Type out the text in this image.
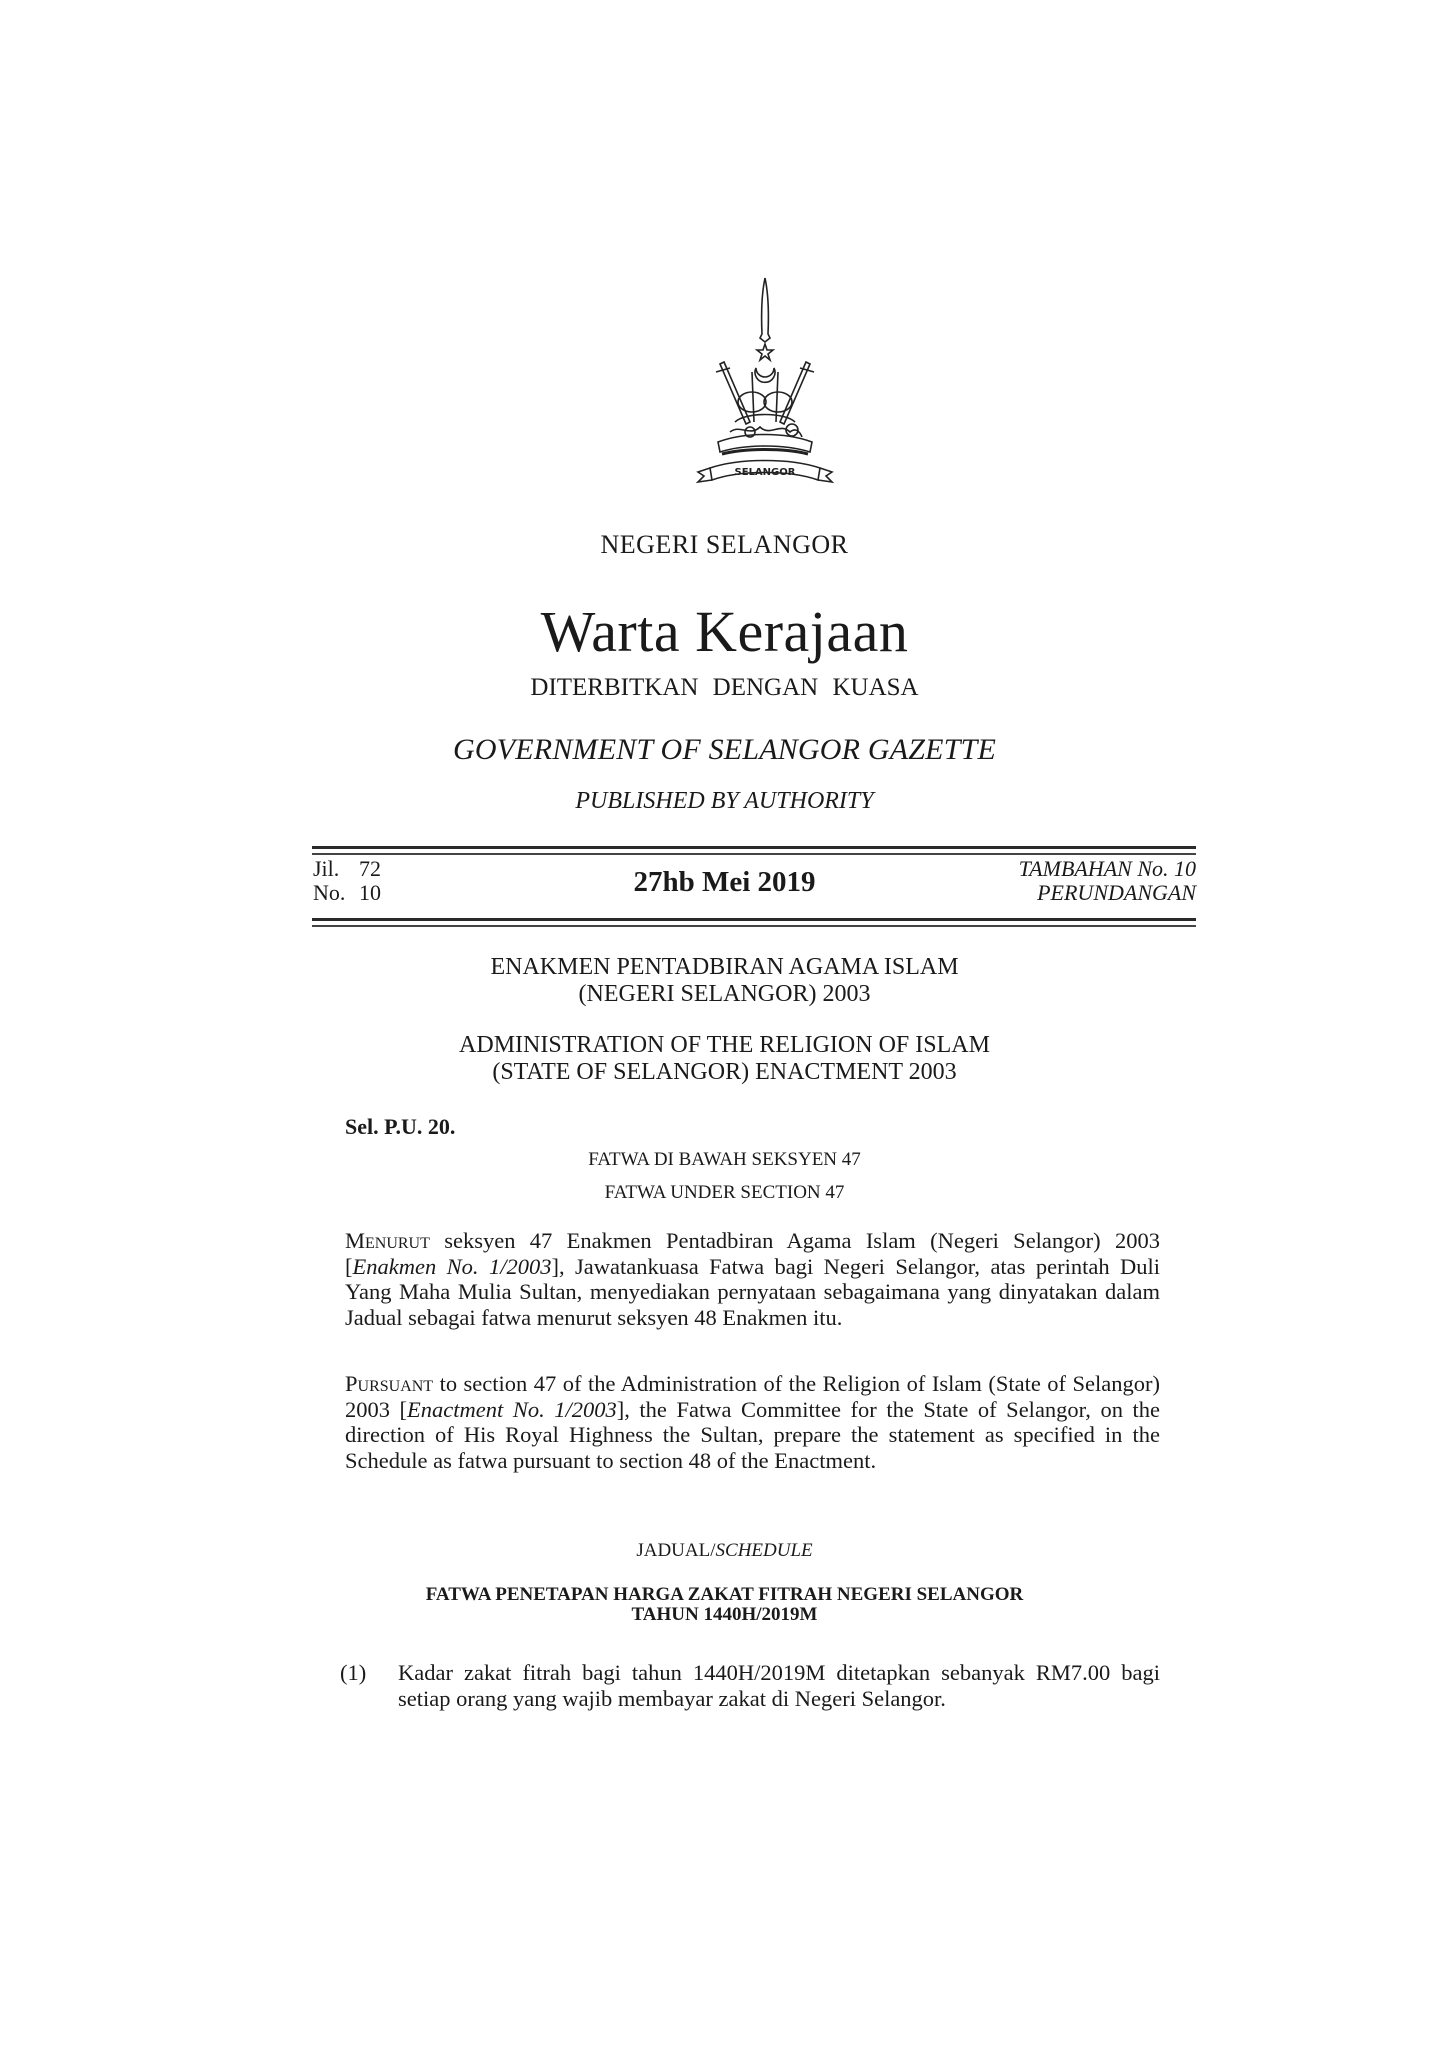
SELANGOR
NEGERI SELANGOR
Warta Kerajaan
DITERBITKAN DENGAN KUASA
GOVERNMENT OF SELANGOR GAZETTE
PUBLISHED BY AUTHORITY
Jil. 72
No. 10	27hb Mei 2019	TAMBAHAN No. 10
PERUNDANGAN
ENAKMEN PENTADBIRAN AGAMA ISLAM
(NEGERI SELANGOR) 2003
ADMINISTRATION OF THE RELIGION OF ISLAM
(STATE OF SELANGOR) ENACTMENT 2003
Sel. P.U. 20.
FATWA DI BAWAH SEKSYEN 47
FATWA UNDER SECTION 47
Menurut seksyen 47 Enakmen Pentadbiran Agama Islam (Negeri Selangor) 2003 [Enakmen No. 1/2003], Jawatankuasa Fatwa bagi Negeri Selangor, atas perintah Duli Yang Maha Mulia Sultan, menyediakan pernyataan sebagaimana yang dinyatakan dalam Jadual sebagai fatwa menurut seksyen 48 Enakmen itu.
Pursuant to section 47 of the Administration of the Religion of Islam (State of Selangor) 2003 [Enactment No. 1/2003], the Fatwa Committee for the State of Selangor, on the direction of His Royal Highness the Sultan, prepare the statement as specified in the Schedule as fatwa pursuant to section 48 of the Enactment.
JADUAL/SCHEDULE
FATWA PENETAPAN HARGA ZAKAT FITRAH NEGERI SELANGOR
TAHUN 1440H/2019M
(1) Kadar zakat fitrah bagi tahun 1440H/2019M ditetapkan sebanyak RM7.00 bagi setiap orang yang wajib membayar zakat di Negeri Selangor.
